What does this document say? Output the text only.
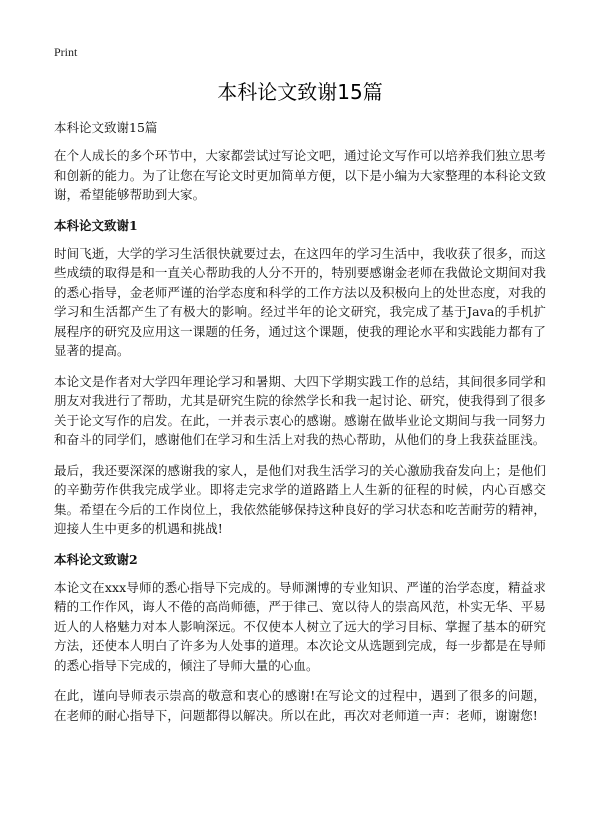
Print
本科论文致谢15篇
本科论文致谢15篇

在个人成长的多个环节中，大家都尝试过写论文吧，通过论文写作可以培养我们独立思考和创新的能力。为了让您在写论文时更加简单方便，以下是小编为大家整理的本科论文致谢，希望能够帮助到大家。

本科论文致谢1

时间飞逝，大学的学习生活很快就要过去，在这四年的学习生活中，我收获了很多，而这些成绩的取得是和一直关心帮助我的人分不开的，特别要感谢金老师在我做论文期间对我的悉心指导，金老师严谨的治学态度和科学的工作方法以及积极向上的处世态度，对我的学习和生活都产生了有极大的影响。经过半年的论文研究，我完成了基于Java的手机扩展程序的研究及应用这一课题的任务，通过这个课题，使我的理论水平和实践能力都有了显著的提高。

本论文是作者对大学四年理论学习和暑期、大四下学期实践工作的总结，其间很多同学和朋友对我进行了帮助，尤其是研究生院的徐然学长和我一起讨论、研究，使我得到了很多关于论文写作的启发。在此，一并表示衷心的感谢。感谢在做毕业论文期间与我一同努力和奋斗的同学们，感谢他们在学习和生活上对我的热心帮助，从他们的身上我获益匪浅。

最后，我还要深深的感谢我的家人，是他们对我生活学习的关心激励我奋发向上；是他们的辛勤劳作供我完成学业。即将走完求学的道路踏上人生新的征程的时候，内心百感交集。希望在今后的工作岗位上，我依然能够保持这种良好的学习状态和吃苦耐劳的精神，迎接人生中更多的机遇和挑战!

本科论文致谢2

本论文在xxx导师的悉心指导下完成的。导师渊博的专业知识、严谨的治学态度，精益求精的工作作风，诲人不倦的高尚师德，严于律己、宽以待人的崇高风范，朴实无华、平易近人的人格魅力对本人影响深远。不仅使本人树立了远大的学习目标、掌握了基本的研究方法，还使本人明白了许多为人处事的道理。本次论文从选题到完成，每一步都是在导师的悉心指导下完成的，倾注了导师大量的心血。

在此，谨向导师表示崇高的敬意和衷心的感谢!在写论文的过程中，遇到了很多的问题，在老师的耐心指导下，问题都得以解决。所以在此，再次对老师道一声：老师，谢谢您!
